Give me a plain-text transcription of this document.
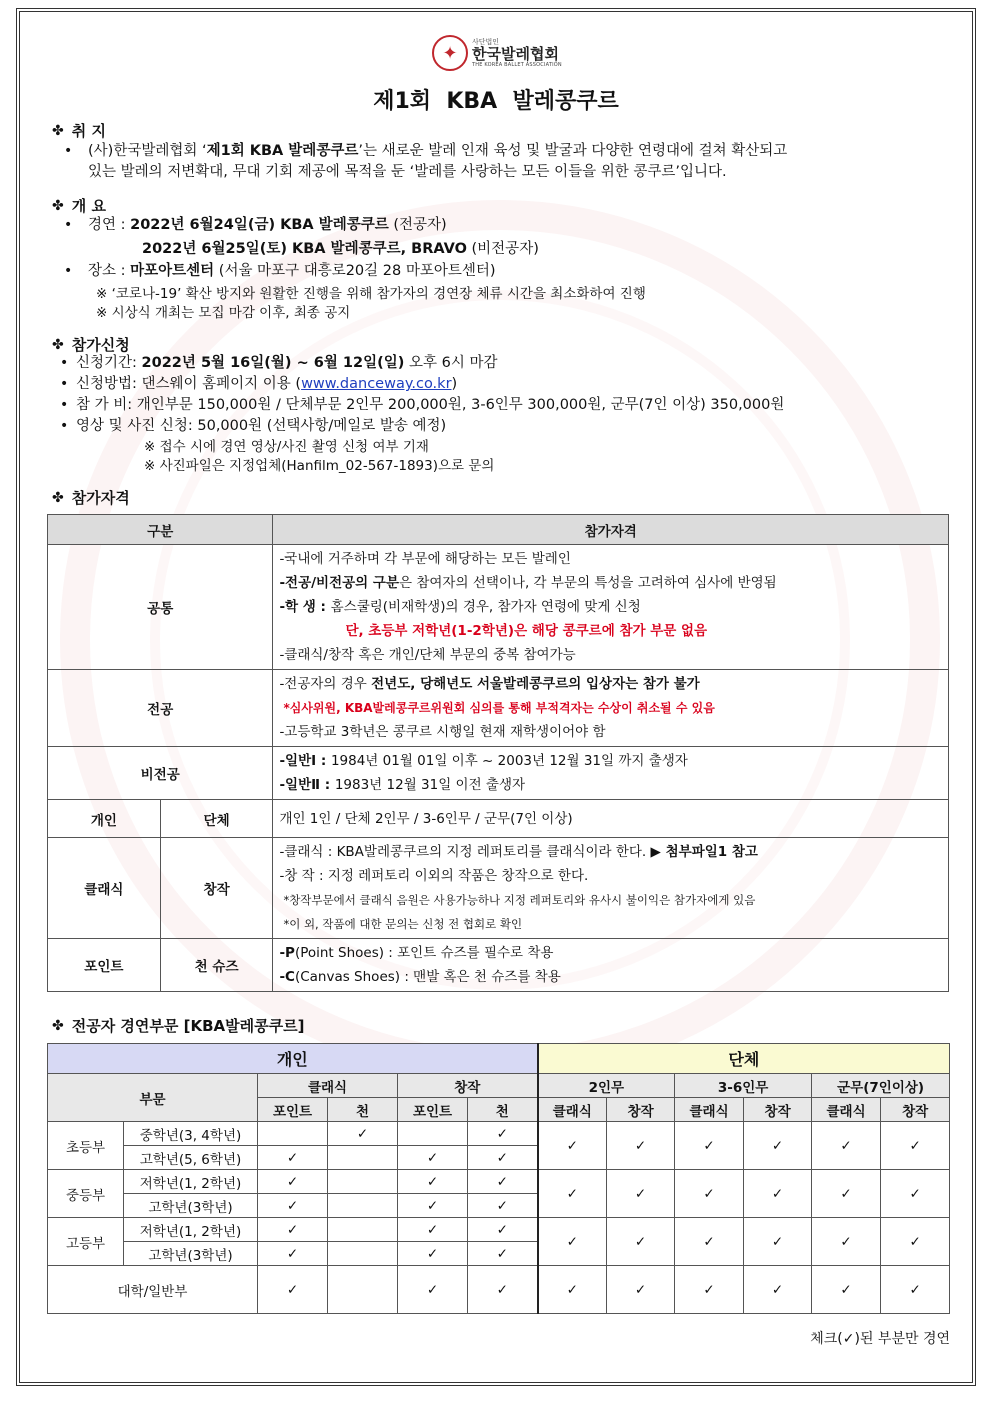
✦
사단법인
한국발레협회
THE KOREA BALLET ASSOCIATION
제1회  KBA  발레콩쿠르
✤ 취 지
• (사)한국발레협회 ‘제1회 KBA 발레콩쿠르’는 새로운 발레 인재 육성 및 발굴과 다양한 연령대에 걸쳐 확산되고
있는 발레의 저변확대, 무대 기회 제공에 목적을 둔 ‘발레를 사랑하는 모든 이들을 위한 콩쿠르’입니다.
✤ 개 요
• 경연 : 2022년 6월24일(금) KBA 발레콩쿠르 (전공자)
2022년 6월25일(토) KBA 발레콩쿠르, BRAVO (비전공자)
• 장소 : 마포아트센터 (서울 마포구 대흥로20길 28 마포아트센터)
※ ‘코로나-19’ 확산 방지와 원활한 진행을 위해 참가자의 경연장 체류 시간을 최소화하여 진행
※ 시상식 개최는 모집 마감 이후, 최종 공지
✤ 참가신청
• 신청기간: 2022년 5월 16일(월) ~ 6월 12일(일) 오후 6시 마감
• 신청방법: 댄스웨이 홈페이지 이용 (www.danceway.co.kr)
• 참 가 비: 개인부문 150,000원 / 단체부문 2인무 200,000원, 3-6인무 300,000원, 군무(7인 이상) 350,000원
• 영상 및 사진 신청: 50,000원 (선택사항/메일로 발송 예정)
※ 접수 시에 경연 영상/사진 촬영 신청 여부 기재
※ 사진파일은 지정업체(Hanfilm_02-567-1893)으로 문의
✤ 참가자격
구분		참가자격
공통		-국내에 거주하며 각 부문에 해당하는 모든 발레인
-전공/비전공의 구분은 참여자의 선택이나, 각 부문의 특성을 고려하여 심사에 반영됨
-학 생 : 홈스쿨링(비재학생)의 경우, 참가자 연령에 맞게 신청
단, 초등부 저학년(1-2학년)은 해당 콩쿠르에 참가 부문 없음
-클래식/창작 혹은 개인/단체 부문의 중복 참여가능

전공		-전공자의 경우 전년도, 당해년도 서울발레콩쿠르의 입상자는 참가 불가
*심사위원, KBA발레콩쿠르위원회 심의를 통해 부적격자는 수상이 취소될 수 있음
-고등학교 3학년은 콩쿠르 시행일 현재 재학생이어야 함

비전공		-일반Ⅰ : 1984년 01월 01일 이후 ~ 2003년 12월 31일 까지 출생자
-일반Ⅱ : 1983년 12월 31일 이전 출생자

개인	단체	개인 1인 / 단체 2인무 / 3-6인무 / 군무(7인 이상)
클래식	창작	-클래식 : KBA발레콩쿠르의 지정 레퍼토리를 클래식이라 한다. ▶ 첨부파일1 참고
-창 작 : 지정 레퍼토리 이외의 작품은 창작으로 한다.
*창작부문에서 클래식 음원은 사용가능하나 지정 레퍼토리와 유사시 불이익은 참가자에게 있음
*이 외, 작품에 대한 문의는 신청 전 협회로 확인

포인트	천 슈즈	-P(Point Shoes) : 포인트 슈즈를 필수로 착용
-C(Canvas Shoes) : 맨발 혹은 천 슈즈를 착용
✤ 전공자 경연부문 [KBA발레콩쿠르]
개인						단체					
부문		클래식		창작		2인무		3-6인무		군무(7인이상)	
		포인트	천	포인트	천	클래식	창작	클래식	창작	클래식	창작
초등부	중학년(3, 4학년)		✓		✓	✓	✓	✓	✓	✓	✓
	고학년(5, 6학년)	✓		✓	✓						
중등부	저학년(1, 2학년)	✓		✓	✓	✓	✓	✓	✓	✓	✓
	고학년(3학년)	✓		✓	✓						
고등부	저학년(1, 2학년)	✓		✓	✓	✓	✓	✓	✓	✓	✓
	고학년(3학년)	✓		✓	✓						
대학/일반부		✓		✓	✓	✓	✓	✓	✓	✓	✓
체크(✓)된 부분만 경연
